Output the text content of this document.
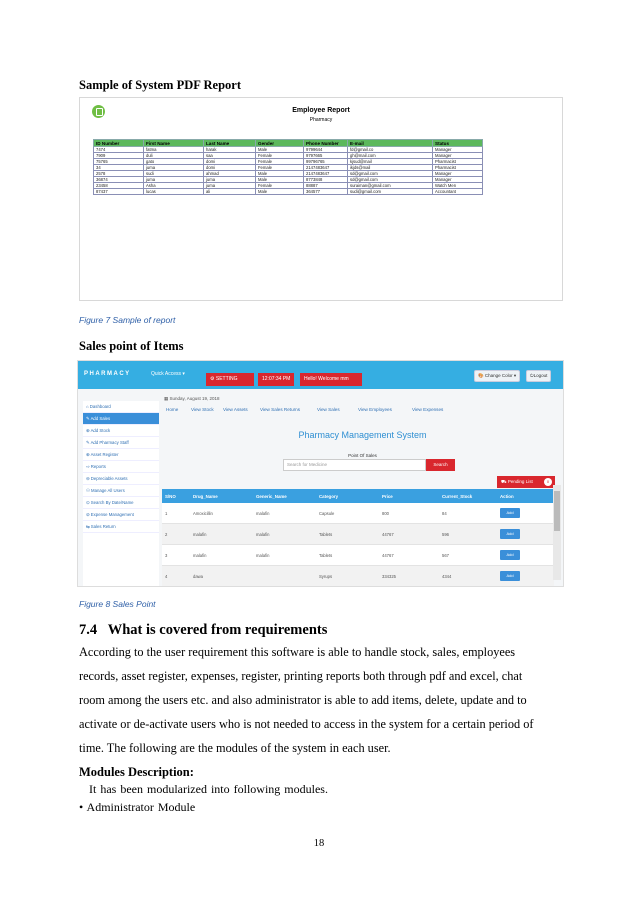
Sample of System PDF Report
Employee Report
Pharmacy
ID Number	First Name	Last Name	Gender	Phone Number	E-mail	Status
7474	fatma	harak	Male	9799644	fd@gmail.co	Manager
7909	duli	saa	Female	9797665	gh@mail.com	Manager
75765	gato	domi	Female	99796765	kjsud@mail	Pharmacist
34	juma	domi	Female	2147483647	ikjds@mail	Pharmacist
2578	sudi	ahmad	Male	2147483647	sd@gmail.com	Manager
36874	juma	juma	Male	8773848	sd@gmail.com	Manager
23458	Asha	juma	Female	88887	suraiman@gmail.com	Watch Men
87437	lucas	ali	Male	364577	sudi@gmail.com	Accountant
Figure 7 Sample of report
Sales point of Items
PHARMACY	Quick Access ▾
⚙ SETTING	12:07:34 PM	Hello! Welcome mm
🎨 Change Color ▾	⏻Logout
⌂ Dashboard
✎ Add Sales
⊕ Add Stock
✎ Add Pharmacy Staff
⊕ Asset Register
⇨ Reports
⊖ Depreciable Assets
⚇ Manage All Users
⊙ Search By Date/Name
⊘ Expense Management
⇆ Sales Return
▦ Sunday, August 19, 2018
Home	View Stock View Assets	View Sales Returns	View Sales	View Employees	View Expenses
Pharmacy Management System
Point Of Sales
Search for Medicine	Search
⛟ Pending List	0
S/NO	Drug_Name	Generic_Name	Category	Price	Current_Stock	Action
1	Amoxicillin	malafin	Capsule	800	84	Add
2	malafin	malafin	Tablets	44767	596	Add
3	malafin	malafin	Tablets	44767	567	Add
4	dawa		Syrups	334325	4344	Add
Figure 8 Sales Point
7.4   What is covered from requirements
According to the user requirement this software is able to handle stock, sales, employees
records, asset register, expenses, register, printing reports both through pdf and excel, chat
room among the users etc. and also administrator is able to add items, delete, update and to
activate or de-activate users who is not needed to access in the system for a certain period of
time. The following are the modules of the system in each user.
Modules Description:
It has been modularized into following modules.
• Administrator Module
18
